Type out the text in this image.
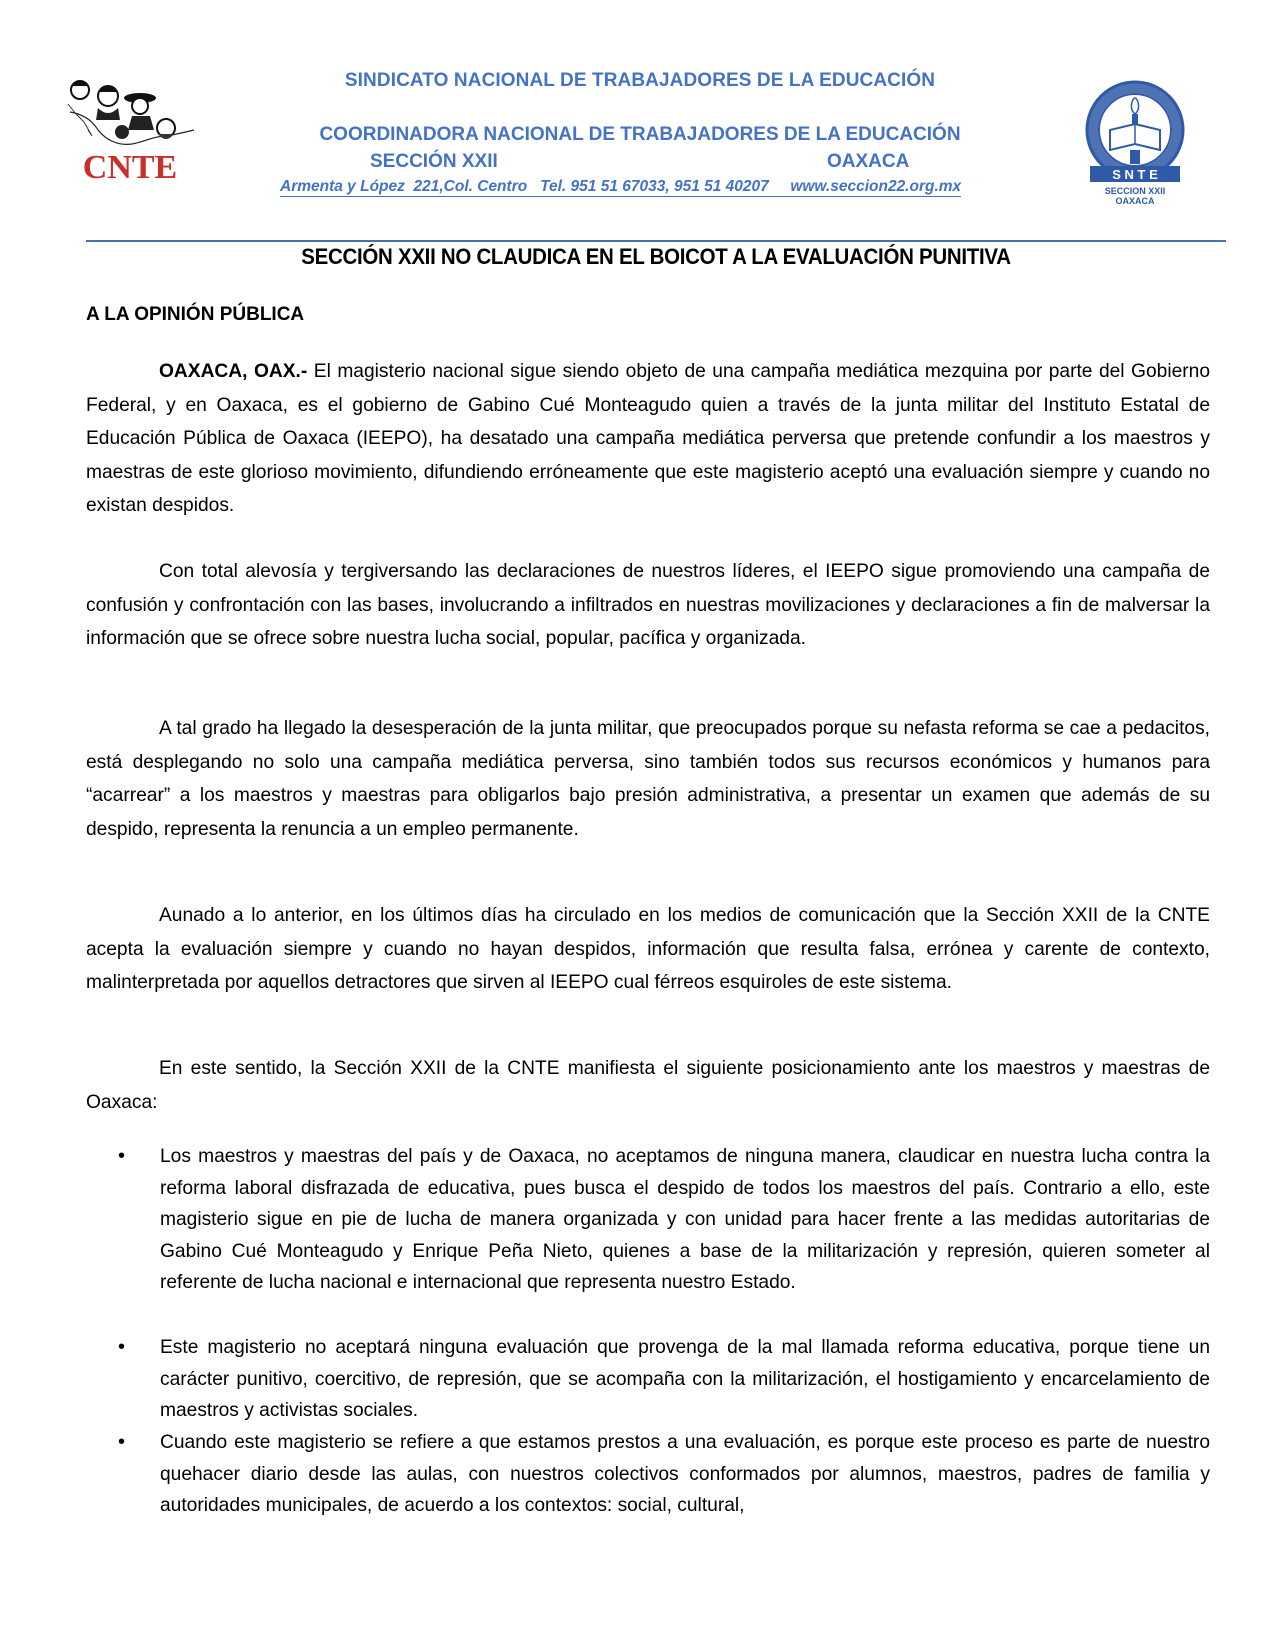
CNTE
SINDICATO NACIONAL DE TRABAJADORES DE LA EDUCACIÓN
COORDINADORA NACIONAL DE TRABAJADORES DE LA EDUCACIÓN
SECCIÓN XXII	OAXACA
Armenta y López  221,Col. Centro   Tel. 951 51 67033, 951 51 40207     www.seccion22.org.mx
S N T E
SECCION XXII
OAXACA
SECCIÓN XXII NO CLAUDICA EN EL BOICOT A LA EVALUACIÓN PUNITIVA
A LA OPINIÓN PÚBLICA

OAXACA, OAX.- El magisterio nacional sigue siendo objeto de una campaña mediática mezquina por parte del Gobierno Federal, y en Oaxaca, es el gobierno de Gabino Cué Monteagudo quien a través de la junta militar del Instituto Estatal de Educación Pública de Oaxaca (IEEPO), ha desatado una campaña mediática perversa que pretende confundir a los maestros y maestras de este glorioso movimiento, difundiendo erróneamente que este magisterio aceptó una evaluación siempre y cuando no existan despidos.

Con total alevosía y tergiversando las declaraciones de nuestros líderes, el IEEPO sigue promoviendo una campaña de confusión y confrontación con las bases, involucrando a infiltrados en nuestras movilizaciones y declaraciones a fin de malversar la información que se ofrece sobre nuestra lucha social, popular, pacífica y organizada.

A tal grado ha llegado la desesperación de la junta militar, que preocupados porque su nefasta reforma se cae a pedacitos, está desplegando no solo una campaña mediática perversa, sino también todos sus recursos económicos y humanos para “acarrear” a los maestros y maestras para obligarlos bajo presión administrativa, a presentar un examen que además de su despido, representa la renuncia a un empleo permanente.

Aunado a lo anterior, en los últimos días ha circulado en los medios de comunicación que la Sección XXII de la CNTE acepta la evaluación siempre y cuando no hayan despidos, información que resulta falsa, errónea y carente de contexto, malinterpretada por aquellos detractores que sirven al IEEPO cual férreos esquiroles de este sistema.

En este sentido, la Sección XXII de la CNTE manifiesta el siguiente posicionamiento ante los maestros y maestras de Oaxaca:

• Los maestros y maestras del país y de Oaxaca, no aceptamos de ninguna manera, claudicar en nuestra lucha contra la reforma laboral disfrazada de educativa, pues busca el despido de todos los maestros del país. Contrario a ello, este magisterio sigue en pie de lucha de manera organizada y con unidad para hacer frente a las medidas autoritarias de Gabino Cué Monteagudo y Enrique Peña Nieto, quienes a base de la militarización y represión, quieren someter al referente de lucha nacional e internacional que representa nuestro Estado.
• Este magisterio no aceptará ninguna evaluación que provenga de la mal llamada reforma educativa, porque tiene un carácter punitivo, coercitivo, de represión, que se acompaña con la militarización, el hostigamiento y encarcelamiento de maestros y activistas sociales.
• Cuando este magisterio se refiere a que estamos prestos a una evaluación, es porque este proceso es parte de nuestro quehacer diario desde las aulas, con nuestros colectivos conformados por alumnos, maestros, padres de familia y autoridades municipales, de acuerdo a los contextos: social, cultural,
